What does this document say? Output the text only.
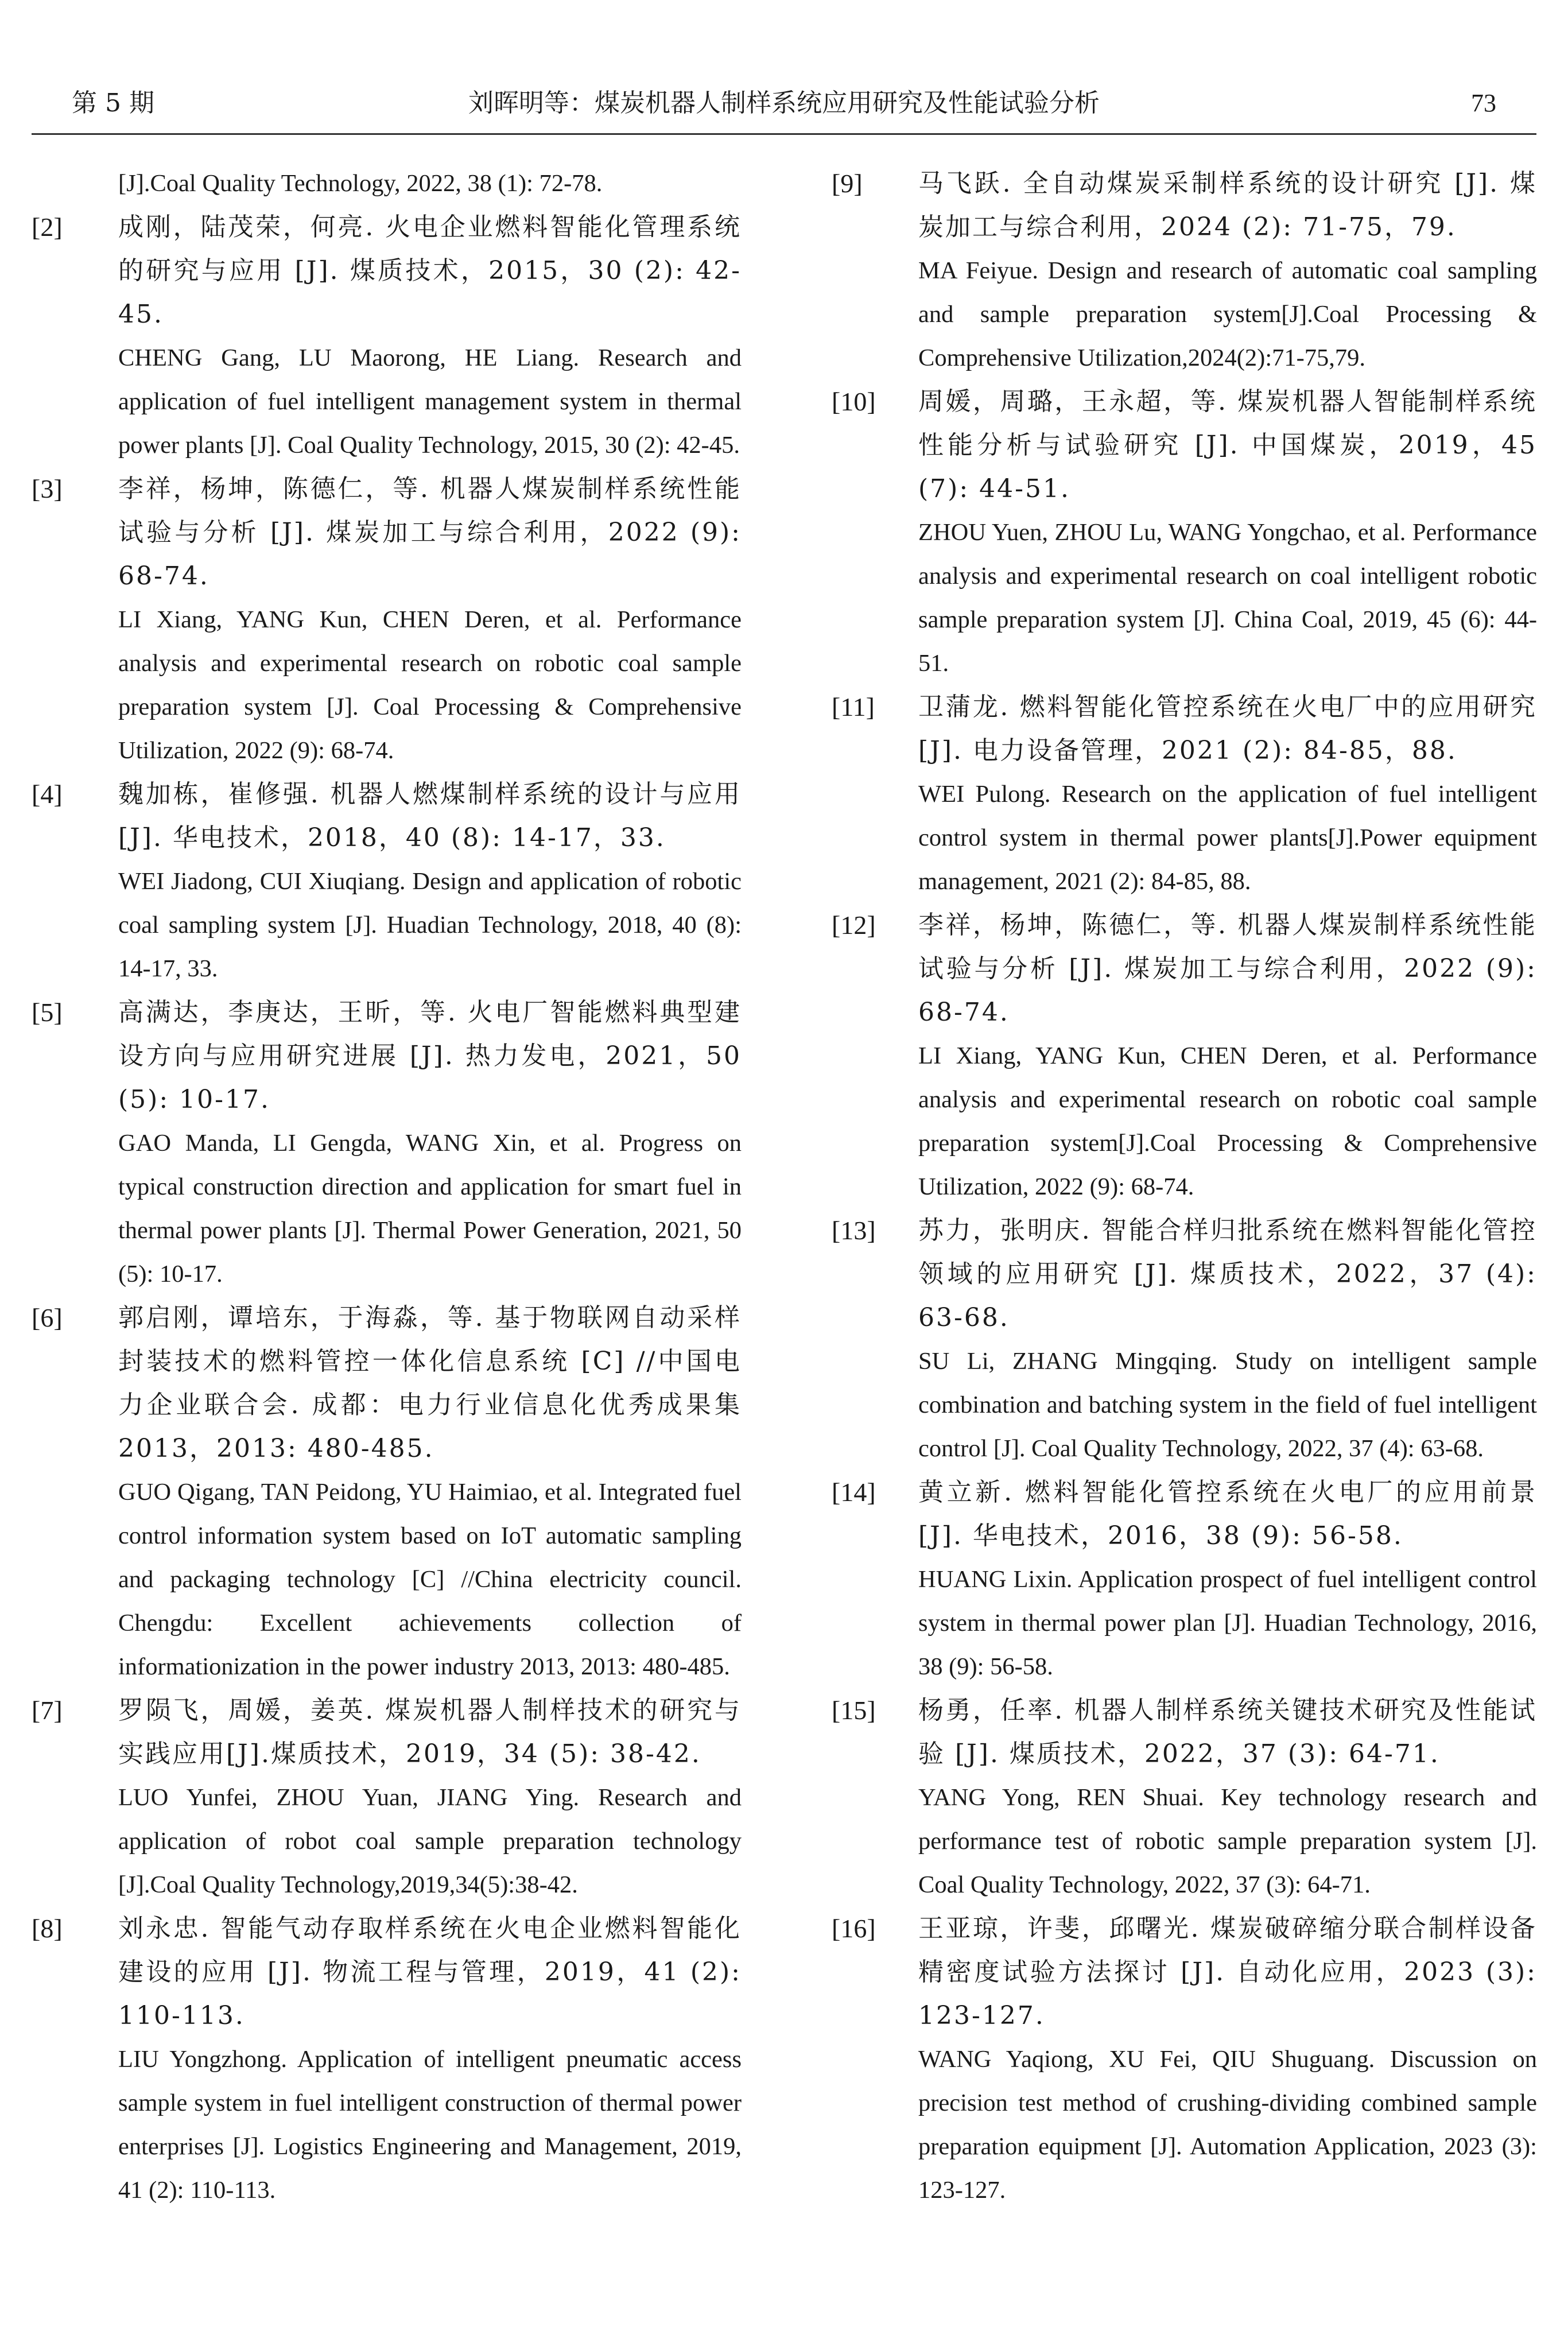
第 5 期	刘晖明等：煤炭机器人制样系统应用研究及性能试验分析	73
[J].Coal Quality Technology, 2022, 38 (1): 72-78.
[2] 成刚，陆茂荣，何亮. 火电企业燃料智能化管理系统的研究与应用 [J]. 煤质技术，2015，30 (2): 42-45.
CHENG Gang, LU Maorong, HE Liang. Research and application of fuel intelligent management system in thermal power plants [J]. Coal Quality Technology, 2015, 30 (2): 42-45.
[3] 李祥，杨坤，陈德仁，等. 机器人煤炭制样系统性能试验与分析 [J]. 煤炭加工与综合利用，2022 (9): 68-74.
LI Xiang, YANG Kun, CHEN Deren, et al. Performance analysis and experimental research on robotic coal sample preparation system [J]. Coal Processing & Comprehensive Utilization, 2022 (9): 68-74.
[4] 魏加栋，崔修强. 机器人燃煤制样系统的设计与应用 [J]. 华电技术，2018，40 (8): 14-17，33.
WEI Jiadong, CUI Xiuqiang. Design and application of robotic coal sampling system [J]. Huadian Technology, 2018, 40 (8): 14-17, 33.
[5] 高满达，李庚达，王昕，等. 火电厂智能燃料典型建设方向与应用研究进展 [J]. 热力发电，2021，50 (5): 10-17.
GAO Manda, LI Gengda, WANG Xin, et al. Progress on typical construction direction and application for smart fuel in thermal power plants [J]. Thermal Power Generation, 2021, 50 (5): 10-17.
[6] 郭启刚，谭培东，于海淼，等. 基于物联网自动采样封装技术的燃料管控一体化信息系统 [C] //中国电力企业联合会. 成都：电力行业信息化优秀成果集 2013，2013: 480-485.
GUO Qigang, TAN Peidong, YU Haimiao, et al. Integrated fuel control information system based on IoT automatic sampling and packaging technology [C] //China electricity council. Chengdu: Excellent achievements collection of informationization in the power industry 2013, 2013: 480-485.
[7] 罗陨飞，周媛，姜英. 煤炭机器人制样技术的研究与实践应用[J].煤质技术，2019，34 (5): 38-42.
LUO Yunfei, ZHOU Yuan, JIANG Ying. Research and application of robot coal sample preparation technology [J].Coal Quality Technology,2019,34(5):38-42.
[8] 刘永忠. 智能气动存取样系统在火电企业燃料智能化建设的应用 [J]. 物流工程与管理，2019，41 (2): 110-113.
LIU Yongzhong. Application of intelligent pneumatic access sample system in fuel intelligent construction of thermal power enterprises [J]. Logistics Engineering and Management, 2019, 41 (2): 110-113.
[9] 马飞跃. 全自动煤炭采制样系统的设计研究 [J]. 煤炭加工与综合利用，2024 (2): 71-75，79.
MA Feiyue. Design and research of automatic coal sampling and sample preparation system[J].Coal Processing & Comprehensive Utilization,2024(2):71-75,79.
[10] 周媛，周璐，王永超，等. 煤炭机器人智能制样系统性能分析与试验研究 [J]. 中国煤炭，2019，45 (7): 44-51.
ZHOU Yuen, ZHOU Lu, WANG Yongchao, et al. Performance analysis and experimental research on coal intelligent robotic sample preparation system [J]. China Coal, 2019, 45 (6): 44-51.
[11] 卫蒲龙. 燃料智能化管控系统在火电厂中的应用研究 [J]. 电力设备管理，2021 (2): 84-85，88.
WEI Pulong. Research on the application of fuel intelligent control system in thermal power plants[J].Power equipment management, 2021 (2): 84-85, 88.
[12] 李祥，杨坤，陈德仁，等. 机器人煤炭制样系统性能试验与分析 [J]. 煤炭加工与综合利用，2022 (9): 68-74.
LI Xiang, YANG Kun, CHEN Deren, et al. Performance analysis and experimental research on robotic coal sample preparation system[J].Coal Processing & Comprehensive Utilization, 2022 (9): 68-74.
[13] 苏力，张明庆. 智能合样归批系统在燃料智能化管控领域的应用研究 [J]. 煤质技术，2022，37 (4): 63-68.
SU Li, ZHANG Mingqing. Study on intelligent sample combination and batching system in the field of fuel intelligent control [J]. Coal Quality Technology, 2022, 37 (4): 63-68.
[14] 黄立新. 燃料智能化管控系统在火电厂的应用前景 [J]. 华电技术，2016，38 (9): 56-58.
HUANG Lixin. Application prospect of fuel intelligent control system in thermal power plan [J]. Huadian Technology, 2016, 38 (9): 56-58.
[15] 杨勇，任率. 机器人制样系统关键技术研究及性能试验 [J]. 煤质技术，2022，37 (3): 64-71.
YANG Yong, REN Shuai. Key technology research and performance test of robotic sample preparation system [J]. Coal Quality Technology, 2022, 37 (3): 64-71.
[16] 王亚琼，许斐，邱曙光. 煤炭破碎缩分联合制样设备精密度试验方法探讨 [J]. 自动化应用，2023 (3): 123-127.
WANG Yaqiong, XU Fei, QIU Shuguang. Discussion on precision test method of crushing-dividing combined sample preparation equipment [J]. Automation Application, 2023 (3): 123-127.
